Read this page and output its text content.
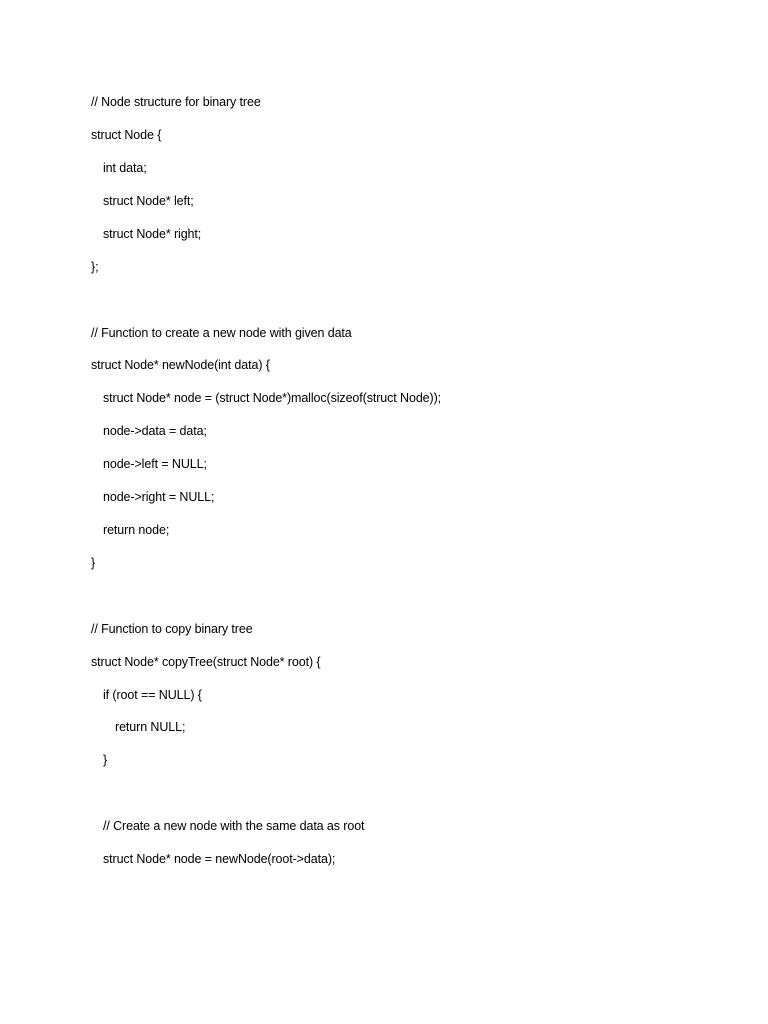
// Node structure for binary tree
struct Node {
int data;
struct Node* left;
struct Node* right;
};
// Function to create a new node with given data
struct Node* newNode(int data) {
struct Node* node = (struct Node*)malloc(sizeof(struct Node));
node->data = data;
node->left = NULL;
node->right = NULL;
return node;
}
// Function to copy binary tree
struct Node* copyTree(struct Node* root) {
if (root == NULL) {
return NULL;
}
// Create a new node with the same data as root
struct Node* node = newNode(root->data);
